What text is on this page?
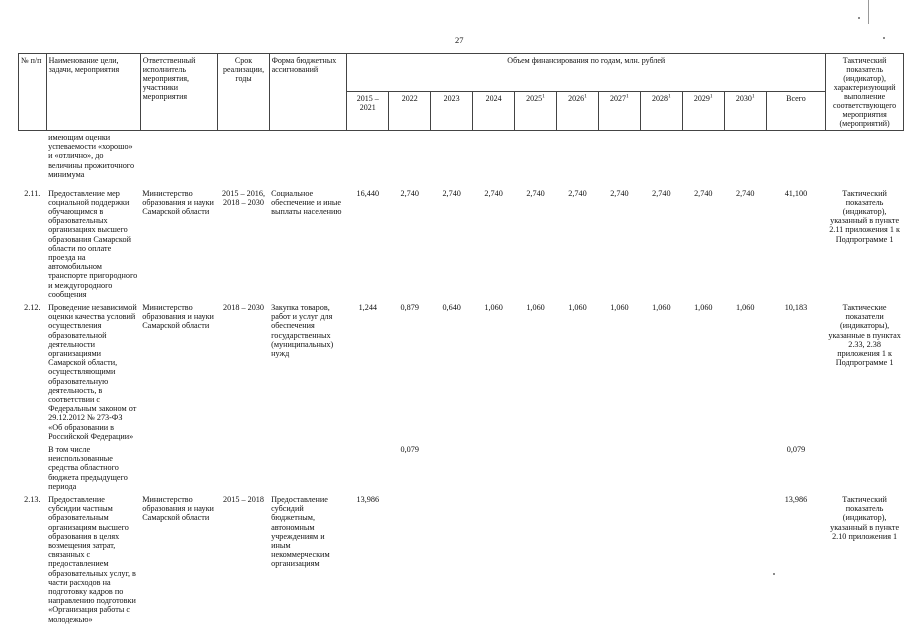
27
№ п/п	Наименование цели, задачи, мероприятия	Ответственный исполнитель мероприятия, участники мероприятия	Срок реализации, годы	Форма бюджетных ассигнований	Объем финансирования по годам, млн. рублей											Тактический показатель (индикатор), характеризующий выполнение соответствующего мероприятия (мероприятий)
					2015 – 2021	2022	2023	2024	2025$^1$	2026$^1$	2027$^1$	2028$^1$	2029$^1$	2030$^1$	Всего	
	имеющим оценки успеваемости «хорошо» и «отлично», до величины прожиточного минимума															
2.11.	Предоставление мер социальной поддержки обучающимся в образовательных организациях высшего образования Самарской области по оплате проезда на автомобильном транспорте пригородного и междугородного сообщения	Министерство образования и науки Самарской области	2015 – 2016, 2018 – 2030	Социальное обеспечение и иные выплаты населению	16,440	2,740	2,740	2,740	2,740	2,740	2,740	2,740	2,740	2,740	41,100	Тактический показатель (индикатор), указанный в пункте 2.11 приложения 1 к Подпрограмме 1
2.12.	Проведение независимой оценки качества условий осуществления образовательной деятельности организациями Самарской области, осуществляющими образовательную деятельность, в соответствии с Федеральным законом от 29.12.2012 № 273-ФЗ «Об образовании в Российской Федерации»	Министерство образования и науки Самарской области	2018 – 2030	Закупка товаров, работ и услуг для обеспечения государственных (муниципальных) нужд	1,244	0,879	0,640	1,060	1,060	1,060	1,060	1,060	1,060	1,060	10,183	Тактические показатели (индикаторы), указанные в пунктах 2.33, 2.38 приложения 1 к Подпрограмме 1
	В том числе неиспользованные средства областного бюджета предыдущего периода					0,079									0,079	
2.13.	Предоставление субсидии частным образовательным организациям высшего образования в целях возмещения затрат, связанных с предоставлением образовательных услуг, в части расходов на подготовку кадров по направлению подготовки «Организация работы с молодежью»	Министерство образования и науки Самарской области	2015 – 2018	Предоставление субсидий бюджетным, автономным учреждениям и иным некоммерческим организациям	13,986										13,986	Тактический показатель (индикатор), указанный в пункте 2.10 приложения 1
